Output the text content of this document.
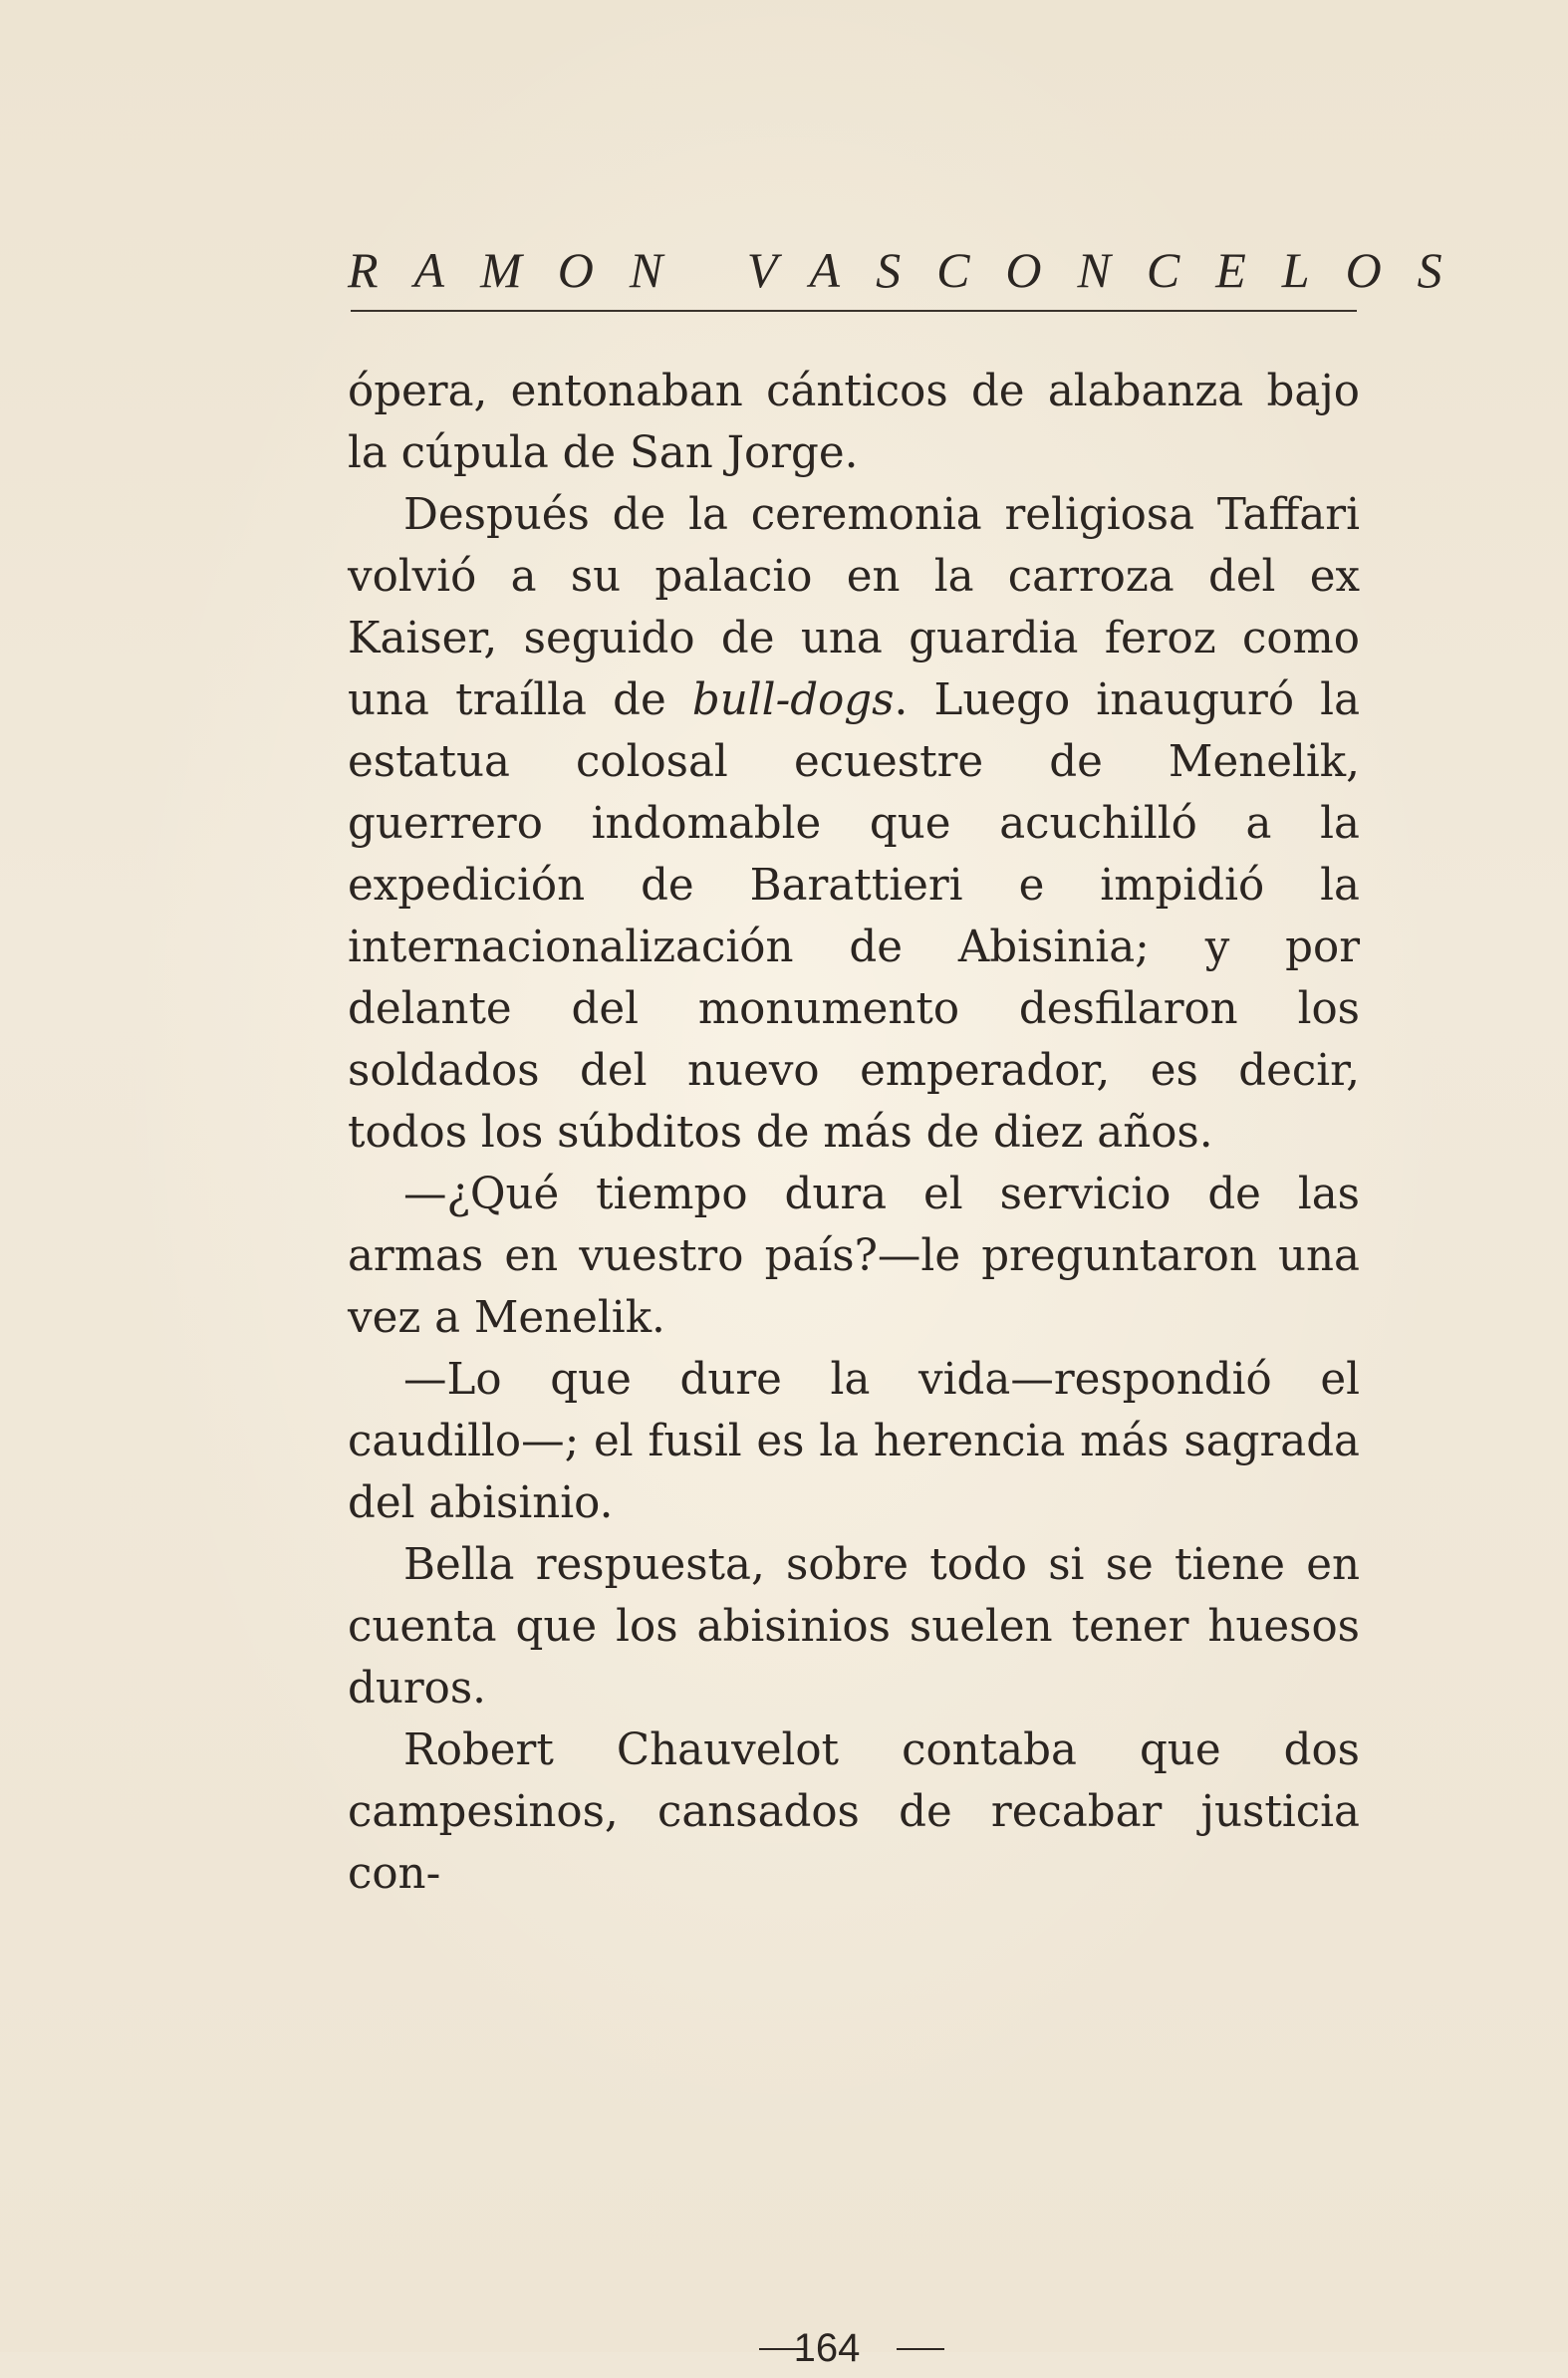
RAMON VASCONCELOS

ópera, entonaban cánticos de alabanza bajo la cúpula de San Jorge.

Después de la ceremonia religiosa Taffari volvió a su palacio en la carroza del ex Kaiser, seguido de una guardia feroz como una traílla de bull-dogs. Luego inauguró la estatua colosal ecuestre de Menelik, guerrero indomable que acuchilló a la expedición de Barattieri e impidió la internacionalización de Abisinia; y por delante del monumento desfilaron los soldados del nuevo emperador, es decir, todos los súbditos de más de diez años.

—¿Qué tiempo dura el servicio de las armas en vuestro país?—le preguntaron una vez a Menelik.

—Lo que dure la vida—respondió el caudillo—; el fusil es la herencia más sagrada del abisinio.

Bella respuesta, sobre todo si se tiene en cuenta que los abisinios suelen tener huesos duros.

Robert Chauvelot contaba que dos campesinos, cansados de recabar justicia con-

164
